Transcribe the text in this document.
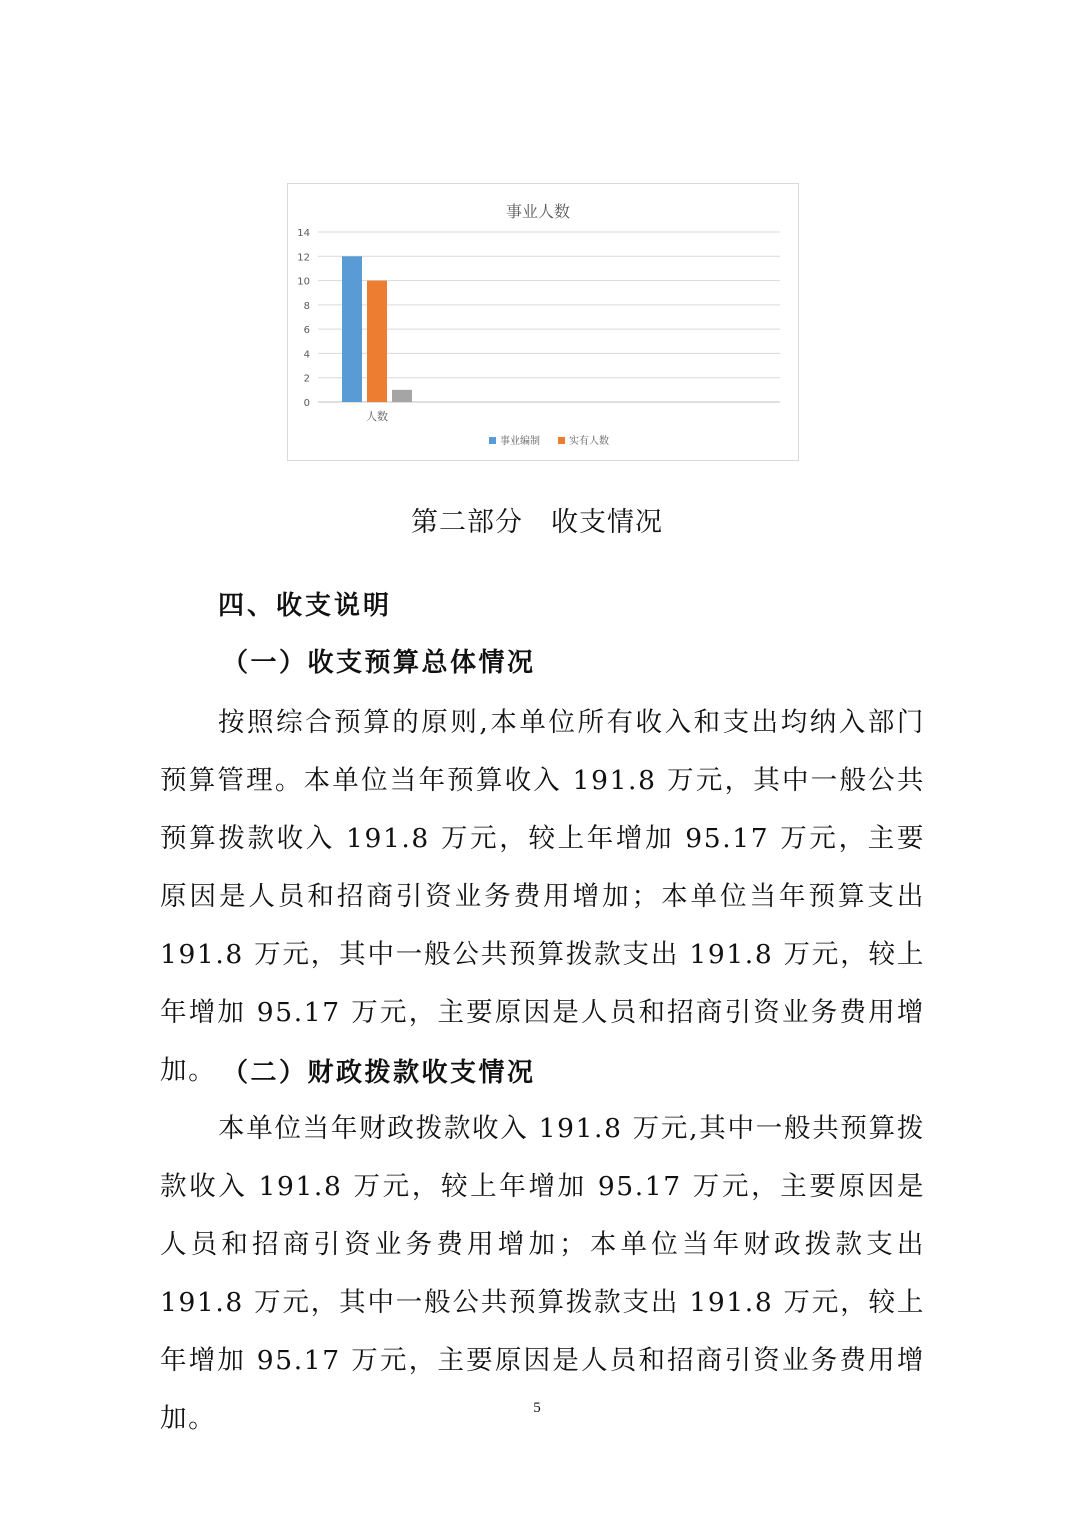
事业人数
0
2
4
6
8
10
12
14
人数
事业编制	实有人数
第二部分　收支情况
四、收支说明
（一）收支预算总体情况
按照综合预算的原则,本单位所有收入和支出均纳入部门预算管理。本单位当年预算收入 191.8 万元，其中一般公共预算拨款收入 191.8 万元，较上年增加 95.17 万元，主要原因是人员和招商引资业务费用增加；本单位当年预算支出 191.8 万元，其中一般公共预算拨款支出 191.8 万元，较上年增加 95.17 万元，主要原因是人员和招商引资业务费用增加。 （二）财政拨款收支情况
本单位当年财政拨款收入 191.8 万元,其中一般共预算拨款收入 191.8 万元，较上年增加 95.17 万元，主要原因是人员和招商引资业务费用增加；本单位当年财政拨款支出 191.8 万元，其中一般公共预算拨款支出 191.8 万元，较上年增加 95.17 万元，主要原因是人员和招商引资业务费用增加。	5
